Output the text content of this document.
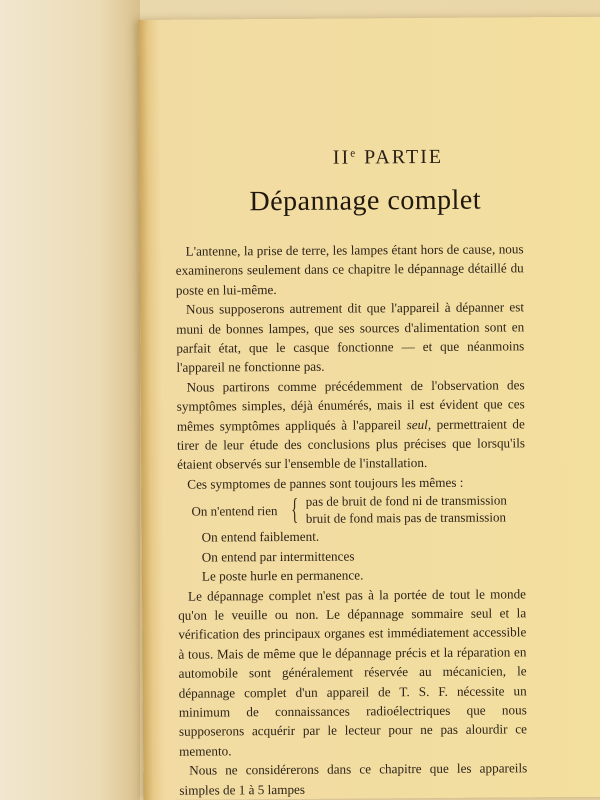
IIe PARTIE
Dépannage complet

L'antenne, la prise de terre, les lampes étant hors de cause, nous examinerons seulement dans ce chapitre le dépannage détaillé du poste en lui-même.

Nous supposerons autrement dit que l'appareil à dépanner est muni de bonnes lampes, que ses sources d'alimentation sont en parfait état, que le casque fonctionne — et que néanmoins l'appareil ne fonctionne pas.

Nous partirons comme précédemment de l'observation des symptômes simples, déjà énumérés, mais il est évident que ces mêmes symptômes appliqués à l'appareil seul, permettraient de tirer de leur étude des conclusions plus précises que lorsqu'ils étaient observés sur l'ensemble de l'installation.

Ces symptomes de pannes sont toujours les mêmes :

On n'entend rien { pas de bruit de fond ni de transmission
bruit de fond mais pas de transmission
On entend faiblement.
On entend par intermittences
Le poste hurle en permanence.

Le dépannage complet n'est pas à la portée de tout le monde qu'on le veuille ou non. Le dépannage sommaire seul et la vérification des principaux organes est immédiatement accessible à tous. Mais de même que le dépannage précis et la réparation en automobile sont généralement réservée au mécanicien, le dépannage complet d'un appareil de T. S. F. nécessite un minimum de connaissances radioélectriques que nous supposerons acquérir par le lecteur pour ne pas alourdir ce memento.

Nous ne considérerons dans ce chapitre que les appareils simples de 1 à 5 lampes
